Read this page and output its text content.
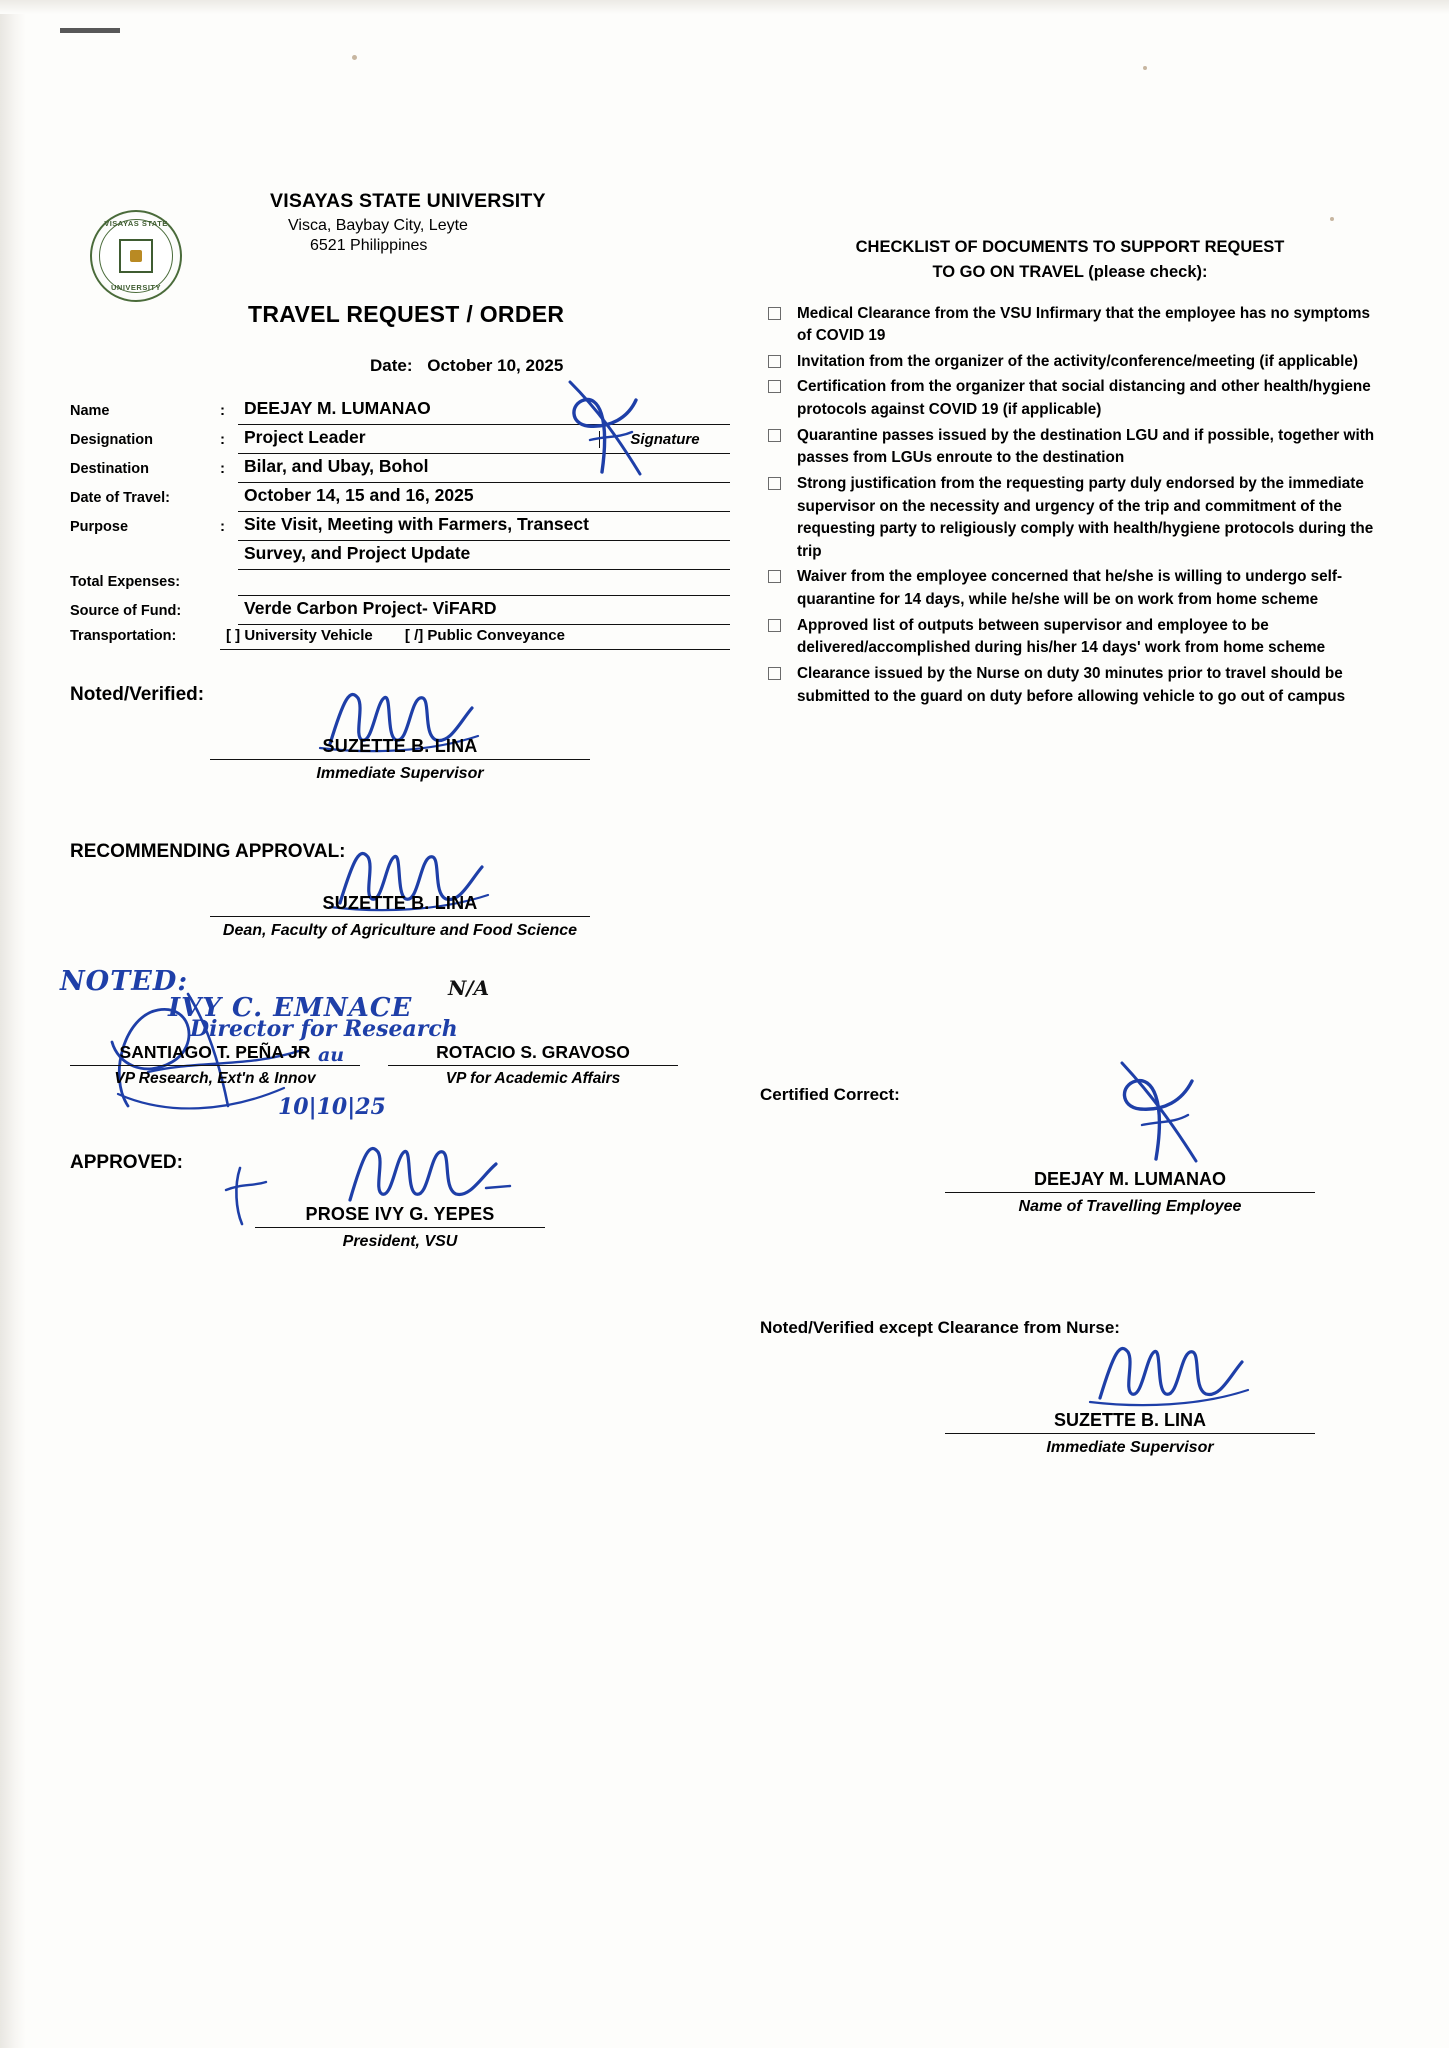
VISAYAS STATE
UNIVERSITY
VISAYAS STATE UNIVERSITY
Visca, Baybay City, Leyte
6521 Philippines
TRAVEL REQUEST / ORDER
Date: October 10, 2025
Name	:	DEEJAY M. LUMANAO
Designation	:	Project Leader	Signature
Destination	:	Bilar, and Ubay, Bohol
Date of Travel:	October 14, 15 and 16, 2025
Purpose	:	Site Visit, Meeting with Farmers, Transect
Survey, and Project Update
Total Expenses:
Source of Fund:	Verde Carbon Project- ViFARD
Transportation:	[ ] University Vehicle [ /] Public Conveyance
Noted/Verified:
SUZETTE B. LINA
Immediate Supervisor
RECOMMENDING APPROVAL:
SUZETTE B. LINA
Dean, Faculty of Agriculture and Food Science
NOTED:
IVY C. EMNACE
Director for Research
au
10|10|25
N/A
SANTIAGO T. PEÑA JR
VP Research, Ext'n & Innov
ROTACIO S. GRAVOSO
VP for Academic Affairs
APPROVED:
PROSE IVY G. YEPES
President, VSU
CHECKLIST OF DOCUMENTS TO SUPPORT REQUEST
TO GO ON TRAVEL (please check):
Medical Clearance from the VSU Infirmary that the employee has no symptoms of COVID 19
Invitation from the organizer of the activity/conference/meeting (if applicable)
Certification from the organizer that social distancing and other health/hygiene protocols against COVID 19 (if applicable)
Quarantine passes issued by the destination LGU and if possible, together with passes from LGUs enroute to the destination
Strong justification from the requesting party duly endorsed by the immediate supervisor on the necessity and urgency of the trip and commitment of the requesting party to religiously comply with health/hygiene protocols during the trip
Waiver from the employee concerned that he/she is willing to undergo self-quarantine for 14 days, while he/she will be on work from home scheme
Approved list of outputs between supervisor and employee to be delivered/accomplished during his/her 14 days' work from home scheme
Clearance issued by the Nurse on duty 30 minutes prior to travel should be submitted to the guard on duty before allowing vehicle to go out of campus
Certified Correct:
DEEJAY M. LUMANAO
Name of Travelling Employee
Noted/Verified except Clearance from Nurse:
SUZETTE B. LINA
Immediate Supervisor
